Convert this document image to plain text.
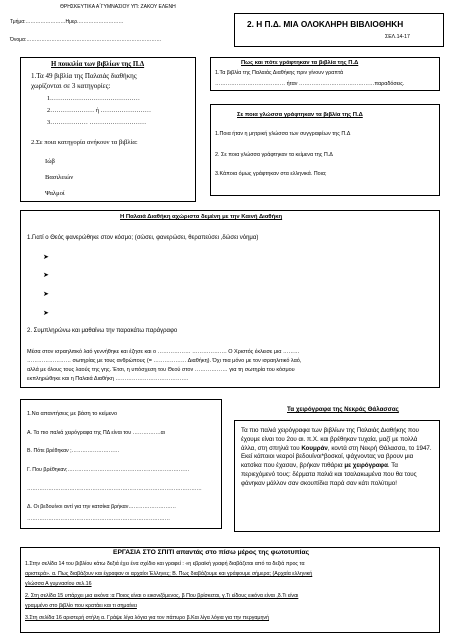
ΘΡΗΣΚΕΥΤΙΚΑ Α΄ΓΥΜΝΑΣΙΟΥ ΥΠ: ΖΑΚΟΥ ΕΛΕΝΗ
Τμήμα:……………………Ημερ.………………………
Όνομα:………………………………………………………………………
2. Η Π.Δ. ΜΙΑ ΟΛΟΚΛΗΡΗ ΒΙΒΛΙΟΘΗΚΗ
ΣΕΛ.14-17
Η ποικιλία των βιβλίων της Π.Δ
1.Τα 49 βιβλία της Παλαιάς διαθήκης
χωρίζονται σε 3 κατηγορίες:
1.……………………………………
2………………… ή ……………………
3……………… ………………………
2.Σε ποια κατηγορία ανήκουν τα βιβλία:
Ιώβ
Βασιλειών
Ψαλμοί
Πως και πότε γράφτηκαν τα βιβλία της Π.Δ
1.Τα βιβλία της Παλαιάς Διαθήκης πριν γίνουν γραπτά
………………………………… ήταν ……………………………………παραδόσεις.
Σε ποια γλώσσα γράφτηκαν τα βιβλία της Π.Δ
1.Ποια ήταν η μητρική γλώσσα των συγγραφέων της Π.Δ
2. Σε ποια γλώσσα γράφτηκαν τα κείμενα της Π.Δ
3.Κάποια όμως γράφτηκαν στα ελληνικά. Ποια;
Η Παλαιά Διαθήκη αχώριστα δεμένη με την Καινή Διαθήκη
1.Γιατί ο Θεός φανερώθηκε στον κόσμο; (σώσει, φανερώσει, θεραπεύσει ,δώσει νόημα)
➤
➤
➤
➤
2. Συμπληρώνω και μαθαίνω την παρακάτω παράγραφο
Μέσα στον ισραηλιτικό λαό γεννήθηκε και έζησε και ο ……………… ………………. Ο Χριστός έκλεισε μια ………
…………………… σωτηρίας με τους ανθρώπους (= ……………… Διαθήκη). Όχι πια μόνο με τον ισραηλιτικό λαό,
αλλά με όλους τους λαούς της γης. Έτσι, η υπόσχεση του Θεού στον ……………… για τη σωτηρία του κόσμου
εκπληρώθηκε και η Παλαιά Διαθήκη ………………………………….
1.Να απαντήσεις με βάση το κείμενο
Α. Τα πιο παλιά χειρόγραφα της ΠΔ είναι του …………….αι
Β. Πότε βρέθηκαν ;………………………
Γ. Που βρέθηκαν;……………………………………………………………
………………………………………………………………………………………
Δ. Οι βεδουίνοι αντί για την κατσίκα βρήκαν………………………
………………………………………………………………………
Τα χειρόγραφα της Νεκράς Θάλασσας
Τα πιο παλιά χειρόγραφα των βιβλίων της Παλαιάς Διαθήκης που έχουμε είναι του 2ου αι. π.Χ. και βρέθηκαν τυχαία, μαζί με πολλά άλλα, στη σπηλιά του Κουμράν, κοντά στη Νεκρή Θάλασσα, το 1947. Εκεί κάποιοι νεαροί βεδουίνοι*βοσκοί, ψάχνοντας να βρουν μια κατσίκα που έχασαν, βρήκαν πιθάρια με χειρόγραφα. Τα περιεχόμενό τους: δέρματα παλιά και τσαλακωμένα που θα τους φάνηκαν μάλλον σαν σκουπίδια παρά σαν κάτι πολύτιμο!
ΕΡΓΑΣΙΑ ΣΤΟ ΣΠΙΤΙ απαντάς στο πίσω μέρος της φωτοτυπίας
1.Στην σελίδα 14 του βιβλίου κάτω δεξιά έχει ένα σχέδιο και γραφεί : «η εβραϊκή γραφή διαβάζεται από τα δεξιά προς τα
αριστερά». α. Πως διαβάζουν και έγραφαν οι αρχαίοι Έλληνες; Β. Πως διαβάζουμε και γράφουμε σήμερα; (Αρχαία ελληνική
γλώσσα Α γυμνασίου σελ.16
2. Στη σελίδα 15 υπάρχει μια εικόνα :α Ποιος είναι ο εικονιζόμενος, β Που βρίσκεται, γ.Τι είδους εικόνα είναι ,δ.Τι είναι
γραμμένο στο βιβλίο που κρατάει και τι σημαίνει
3.Στη σελίδα 16 αριστερή στήλη α. Γράψε λίγα λόγια για τον πάπυρο β.Και λίγα λόγια για την περγαμηνή
